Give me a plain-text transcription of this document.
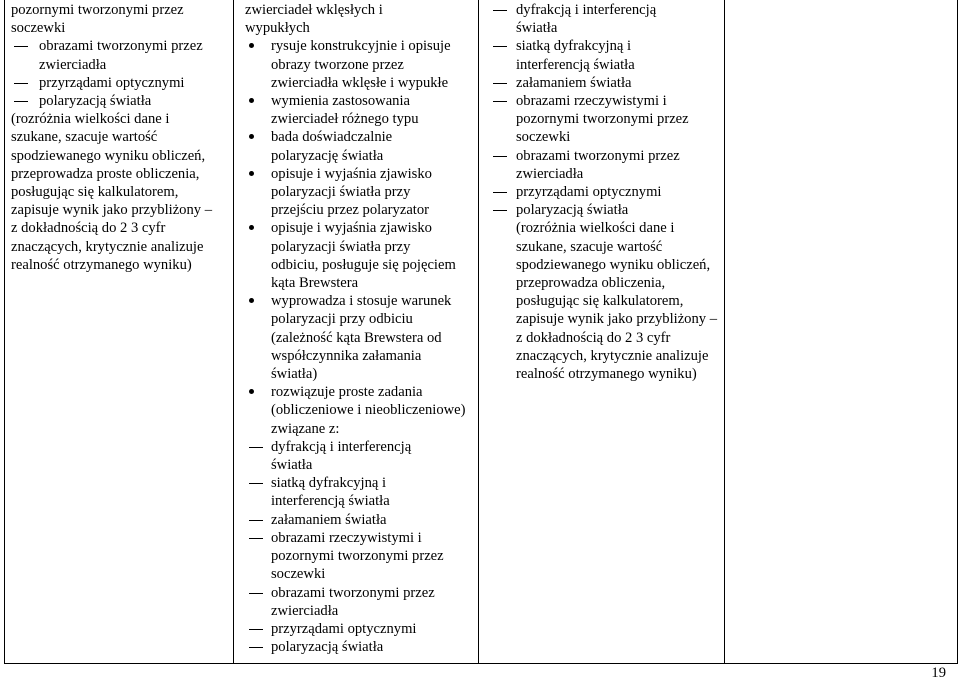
pozornymi tworzonymi przez
soczewki
obrazami tworzonymi przez
zwierciadła
przyrządami optycznymi
polaryzacją światła
(rozróżnia wielkości dane i
szukane, szacuje wartość
spodziewanego wyniku obliczeń,
przeprowadza proste obliczenia,
posługując się kalkulatorem,
zapisuje wynik jako przybliżony –
z dokładnością do 2 3 cyfr
znaczących, krytycznie analizuje
realność otrzymanego wyniku)
zwierciadeł wklęsłych i
wypukłych
rysuje konstrukcyjnie i opisuje
obrazy tworzone przez
zwierciadła wklęsłe i wypukłe
wymienia zastosowania
zwierciadeł różnego typu
bada doświadczalnie
polaryzację światła
opisuje i wyjaśnia zjawisko
polaryzacji światła przy
przejściu przez polaryzator
opisuje i wyjaśnia zjawisko
polaryzacji światła przy
odbiciu, posługuje się pojęciem
kąta Brewstera
wyprowadza i stosuje warunek
polaryzacji przy odbiciu
(zależność kąta Brewstera od
współczynnika załamania
światła)
rozwiązuje proste zadania
(obliczeniowe i nieobliczeniowe)
związane z:
dyfrakcją i interferencją
światła
siatką dyfrakcyjną i
interferencją światła
załamaniem światła
obrazami rzeczywistymi i
pozornymi tworzonymi przez
soczewki
obrazami tworzonymi przez
zwierciadła
przyrządami optycznymi
polaryzacją światła
dyfrakcją i interferencją
światła
siatką dyfrakcyjną i
interferencją światła
załamaniem światła
obrazami rzeczywistymi i
pozornymi tworzonymi przez
soczewki
obrazami tworzonymi przez
zwierciadła
przyrządami optycznymi
polaryzacją światła
(rozróżnia wielkości dane i
szukane, szacuje wartość
spodziewanego wyniku obliczeń,
przeprowadza obliczenia,
posługując się kalkulatorem,
zapisuje wynik jako przybliżony –
z dokładnością do 2 3 cyfr
znaczących, krytycznie analizuje
realność otrzymanego wyniku)
19
